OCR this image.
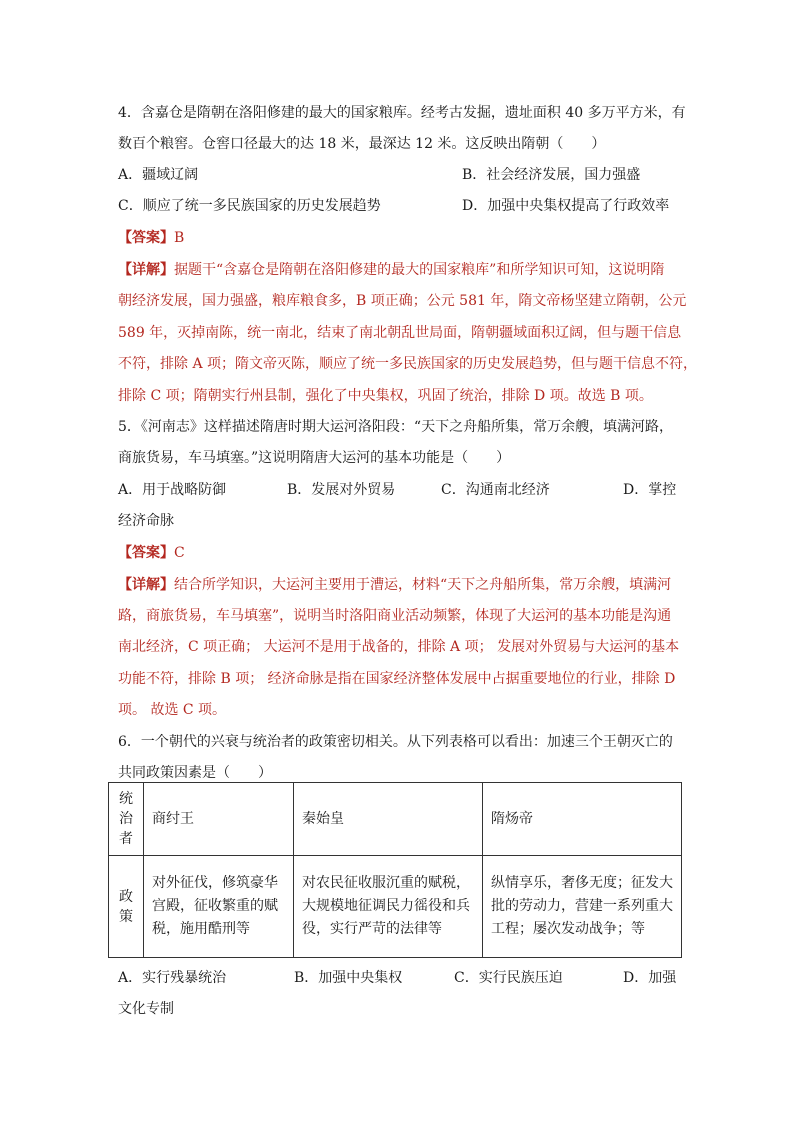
4．含嘉仓是隋朝在洛阳修建的最大的国家粮库。经考古发掘，遗址面积 40 多万平方米，有
数百个粮窖。仓窖口径最大的达 18 米，最深达 12 米。这反映出隋朝（　　）
A．疆域辽阔	B．社会经济发展，国力强盛
C．顺应了统一多民族国家的历史发展趋势	D．加强中央集权提高了行政效率
【答案】B
【详解】据题干“含嘉仓是隋朝在洛阳修建的最大的国家粮库”和所学知识可知，这说明隋
朝经济发展，国力强盛，粮库粮食多，B 项正确；公元 581 年，隋文帝杨坚建立隋朝，公元
589 年，灭掉南陈，统一南北，结束了南北朝乱世局面，隋朝疆域面积辽阔，但与题干信息
不符，排除 A 项；隋文帝灭陈，顺应了统一多民族国家的历史发展趋势，但与题干信息不符，
排除 C 项；隋朝实行州县制，强化了中央集权，巩固了统治，排除 D 项。故选 B 项。
5．《河南志》这样描述隋唐时期大运河洛阳段：“天下之舟船所集，常万余艘，填满河路，
商旅货易，车马填塞。”这说明隋唐大运河的基本功能是（　　）
A．用于战略防御	B．发展对外贸易	C．沟通南北经济	D．掌控
经济命脉
【答案】C
【详解】结合所学知识，大运河主要用于漕运，材料“天下之舟船所集，常万余艘，填满河
路，商旅货易，车马填塞”，说明当时洛阳商业活动频繁，体现了大运河的基本功能是沟通
南北经济，C 项正确； 大运河不是用于战备的，排除 A 项； 发展对外贸易与大运河的基本
功能不符，排除 B 项； 经济命脉是指在国家经济整体发展中占据重要地位的行业，排除 D
项。 故选 C 项。
6．一个朝代的兴衰与统治者的政策密切相关。从下列表格可以看出：加速三个王朝灭亡的
共同政策因素是（　　）
统
治
者	商纣王	秦始皇	隋炀帝

政
策	对外征伐，修筑豪华
宫殿，征收繁重的赋
税，施用酷刑等	对农民征收服沉重的赋税，
大规模地征调民力徭役和兵
役，实行严苛的法律等	纵情享乐，奢侈无度；征发大
批的劳动力，营建一系列重大
工程；屡次发动战争；等
A．实行残暴统治	B．加强中央集权	C．实行民族压迫	D．加强
文化专制
